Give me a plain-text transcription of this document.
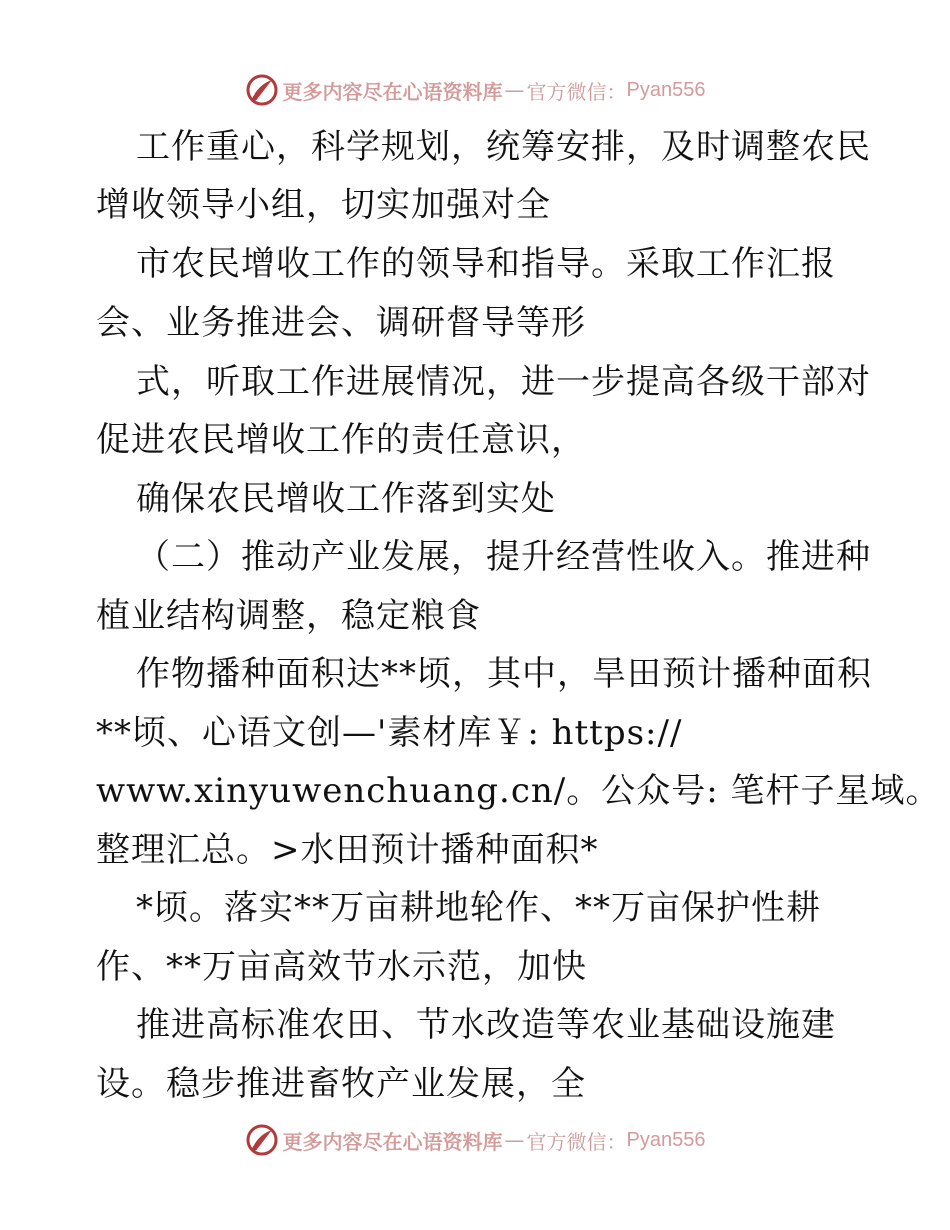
更多内容尽在心语资料库 — 官方微信： Pyan556
工作重心，科学规划，统筹安排，及时调整农民
增收领导小组，切实加强对全
市农民增收工作的领导和指导。采取工作汇报
会、业务推进会、调研督导等形
式，听取工作进展情况，进一步提高各级干部对
促进农民增收工作的责任意识，
确保农民增收工作落到实处
（二）推动产业发展，提升经营性收入。推进种
植业结构调整，稳定粮食
作物播种面积达**顷，其中，旱田预计播种面积
**顷、心语文创—'素材库￥: https://
www.xinyuwenchuang.cn/。公众号: 笔杆子星域。
整理汇总。>水田预计播种面积*
*顷。落实**万亩耕地轮作、**万亩保护性耕
作、**万亩高效节水示范，加快
推进高标准农田、节水改造等农业基础设施建
设。稳步推进畜牧产业发展，全
更多内容尽在心语资料库 — 官方微信： Pyan556
